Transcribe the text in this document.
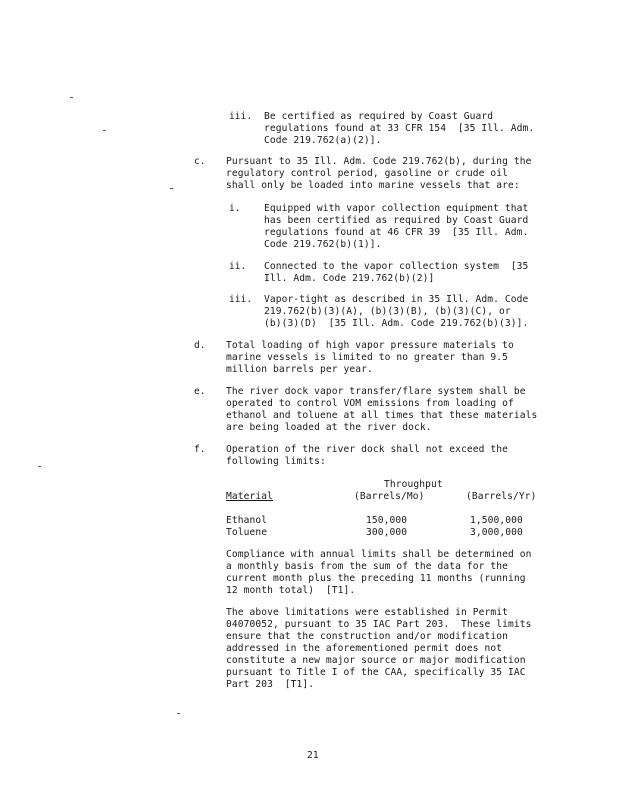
iii. Be certified as required by Coast Guard
regulations found at 33 CFR 154  [35 Ill. Adm.
Code 219.762(a)(2)].
c. Pursuant to 35 Ill. Adm. Code 219.762(b), during the
regulatory control period, gasoline or crude oil
shall only be loaded into marine vessels that are:
i. Equipped with vapor collection equipment that
has been certified as required by Coast Guard
regulations found at 46 CFR 39  [35 Ill. Adm.
Code 219.762(b)(1)].
ii. Connected to the vapor collection system  [35
Ill. Adm. Code 219.762(b)(2)]
iii. Vapor-tight as described in 35 Ill. Adm. Code
219.762(b)(3)(A), (b)(3)(B), (b)(3)(C), or
(b)(3)(D)  [35 Ill. Adm. Code 219.762(b)(3)].
d. Total loading of high vapor pressure materials to
marine vessels is limited to no greater than 9.5
million barrels per year.
e. The river dock vapor transfer/flare system shall be
operated to control VOM emissions from loading of
ethanol and toluene at all times that these materials
are being loaded at the river dock.
f. Operation of the river dock shall not exceed the
following limits:
Throughput
Material	(Barrels/Mo)	(Barrels/Yr)
Ethanol	150,000	1,500,000
Toluene	300,000	3,000,000
Compliance with annual limits shall be determined on
a monthly basis from the sum of the data for the
current month plus the preceding 11 months (running
12 month total)  [T1].
The above limitations were established in Permit
04070052, pursuant to 35 IAC Part 203.  These limits
ensure that the construction and/or modification
addressed in the aforementioned permit does not
constitute a new major source or major modification
pursuant to Title I of the CAA, specifically 35 IAC
Part 203  [T1].
21
